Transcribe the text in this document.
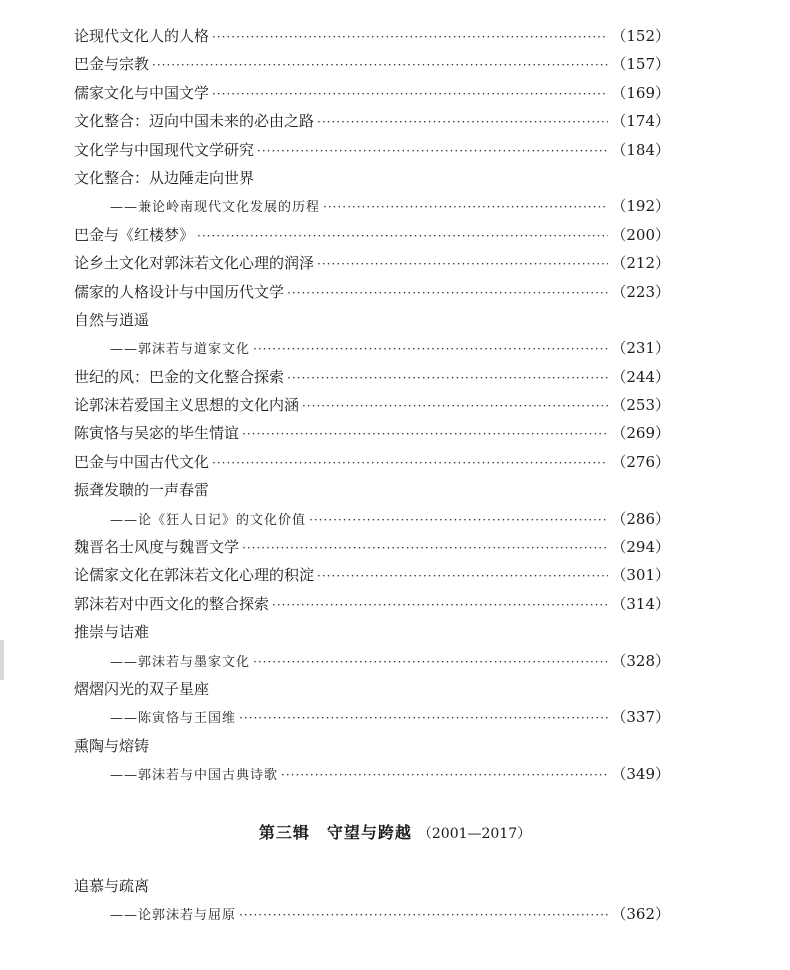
论现代文化人的人格 ·····	（152）
巴金与宗教 ·····	（157）
儒家文化与中国文学 ·····	（169）
文化整合：迈向中国未来的必由之路 ·····	（174）
文化学与中国现代文学研究 ·····	（184）
文化整合：从边陲走向世界
——兼论岭南现代文化发展的历程 ·····	（192）
巴金与《红楼梦》 ·····	（200）
论乡土文化对郭沫若文化心理的润泽 ·····	（212）
儒家的人格设计与中国历代文学 ·····	（223）
自然与逍遥
——郭沫若与道家文化 ·····	（231）
世纪的风：巴金的文化整合探索 ·····	（244）
论郭沫若爱国主义思想的文化内涵 ·····	（253）
陈寅恪与吴宓的毕生情谊 ·····	（269）
巴金与中国古代文化 ·····	（276）
振聋发聩的一声春雷
——论《狂人日记》的文化价值 ·····	（286）
魏晋名士风度与魏晋文学 ·····	（294）
论儒家文化在郭沫若文化心理的积淀 ·····	（301）
郭沫若对中西文化的整合探索 ·····	（314）
推崇与诘难
——郭沫若与墨家文化 ·····	（328）
熠熠闪光的双子星座
——陈寅恪与王国维 ·····	（337）
熏陶与熔铸
——郭沫若与中国古典诗歌 ·····	（349）
第三辑　守望与跨越 （2001—2017）
追慕与疏离
——论郭沫若与屈原 ·····	（362）
